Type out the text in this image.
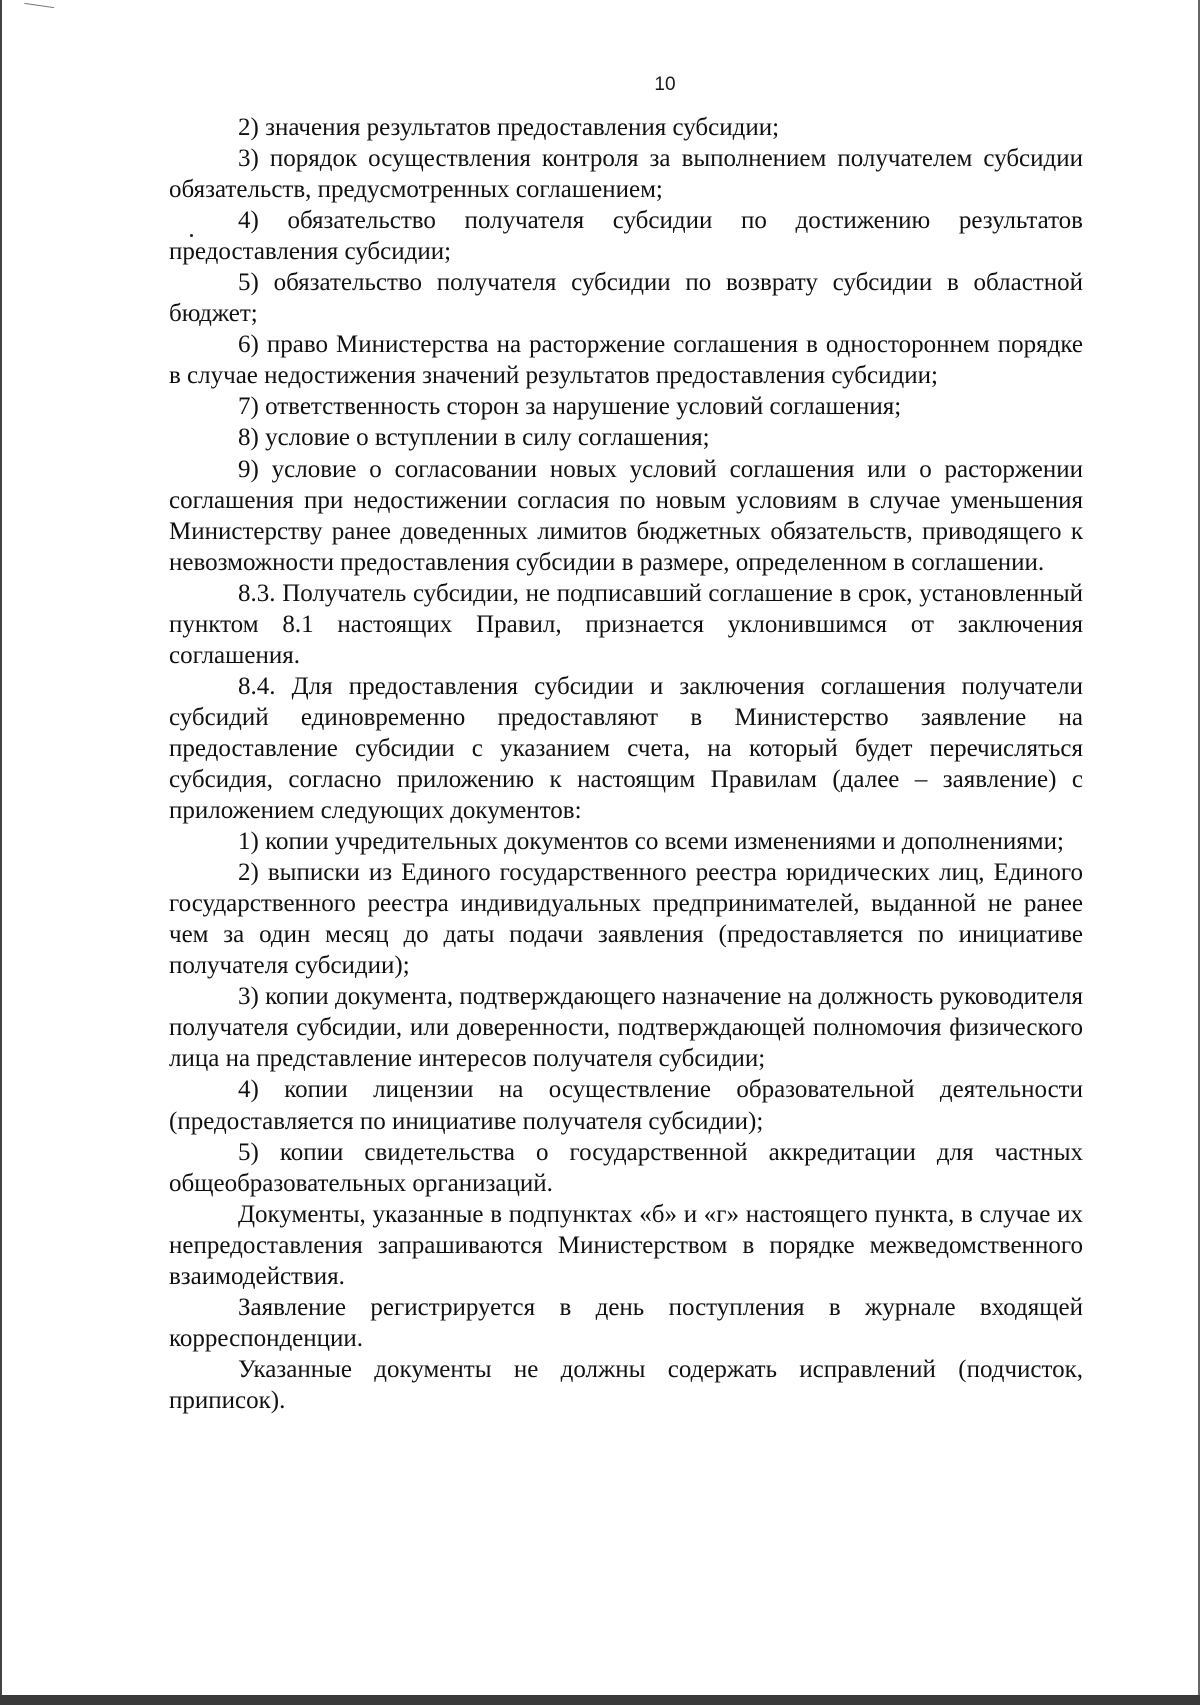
10

2) значения результатов предоставления субсидии;

3) порядок осуществления контроля за выполнением получателем субсидии обязательств, предусмотренных соглашением;

4) обязательство получателя субсидии по достижению результатов предоставления субсидии;

5) обязательство получателя субсидии по возврату субсидии в областной бюджет;

6) право Министерства на расторжение соглашения в одностороннем порядке в случае недостижения значений результатов предоставления субсидии;

7) ответственность сторон за нарушение условий соглашения;

8) условие о вступлении в силу соглашения;

9) условие о согласовании новых условий соглашения или о расторжении соглашения при недостижении согласия по новым условиям в случае уменьшения Министерству ранее доведенных лимитов бюджетных обязательств, приводящего к невозможности предоставления субсидии в размере, определенном в соглашении.

8.3. Получатель субсидии, не подписавший соглашение в срок, установленный пунктом 8.1 настоящих Правил, признается уклонившимся от заключения соглашения.

8.4. Для предоставления субсидии и заключения соглашения получатели субсидий единовременно предоставляют в Министерство заявление на предоставление субсидии с указанием счета, на который будет перечисляться субсидия, согласно приложению к настоящим Правилам (далее – заявление) с приложением следующих документов:

1) копии учредительных документов со всеми изменениями и дополнениями;

2) выписки из Единого государственного реестра юридических лиц, Единого государственного реестра индивидуальных предпринимателей, выданной не ранее чем за один месяц до даты подачи заявления (предоставляется по инициативе получателя субсидии);

3) копии документа, подтверждающего назначение на должность руководителя получателя субсидии, или доверенности, подтверждающей полномочия физического лица на представление интересов получателя субсидии;

4) копии лицензии на осуществление образовательной деятельности (предоставляется по инициативе получателя субсидии);

5) копии свидетельства о государственной аккредитации для частных общеобразовательных организаций.

Документы, указанные в подпунктах «б» и «г» настоящего пункта, в случае их непредоставления запрашиваются Министерством в порядке межведомственного взаимодействия.

Заявление регистрируется в день поступления в журнале входящей корреспонденции.

Указанные документы не должны содержать исправлений (подчисток, приписок).
